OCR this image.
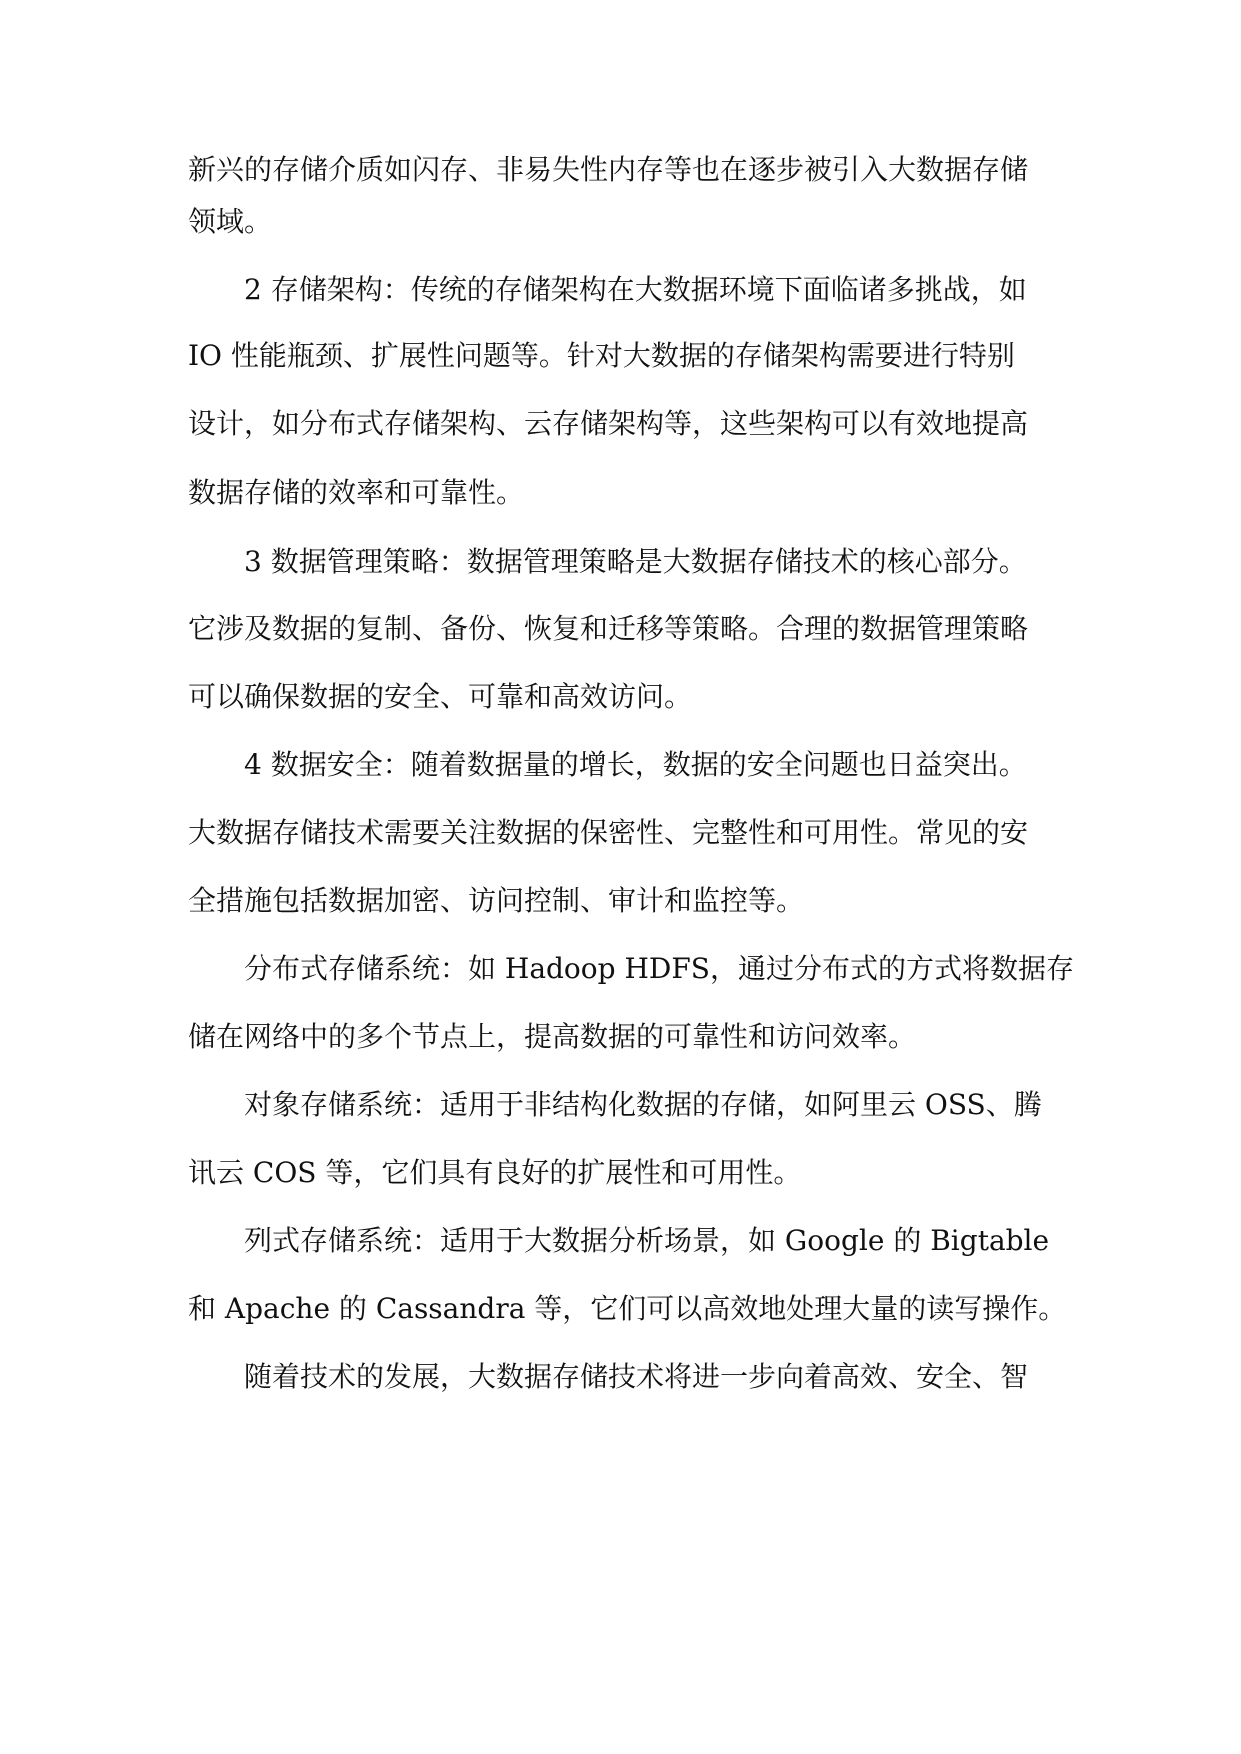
新兴的存储介质如闪存、非易失性内存等也在逐步被引入大数据存储
领域。
2 存储架构：传统的存储架构在大数据环境下面临诸多挑战，如
IO 性能瓶颈、扩展性问题等。针对大数据的存储架构需要进行特别
设计，如分布式存储架构、云存储架构等，这些架构可以有效地提高
数据存储的效率和可靠性。
3 数据管理策略：数据管理策略是大数据存储技术的核心部分。
它涉及数据的复制、备份、恢复和迁移等策略。合理的数据管理策略
可以确保数据的安全、可靠和高效访问。
4 数据安全：随着数据量的增长，数据的安全问题也日益突出。
大数据存储技术需要关注数据的保密性、完整性和可用性。常见的安
全措施包括数据加密、访问控制、审计和监控等。
分布式存储系统：如 Hadoop HDFS，通过分布式的方式将数据存
储在网络中的多个节点上，提高数据的可靠性和访问效率。
对象存储系统：适用于非结构化数据的存储，如阿里云 OSS、腾
讯云 COS 等，它们具有良好的扩展性和可用性。
列式存储系统：适用于大数据分析场景，如 Google 的 Bigtable
和 Apache 的 Cassandra 等，它们可以高效地处理大量的读写操作。
随着技术的发展，大数据存储技术将进一步向着高效、安全、智
